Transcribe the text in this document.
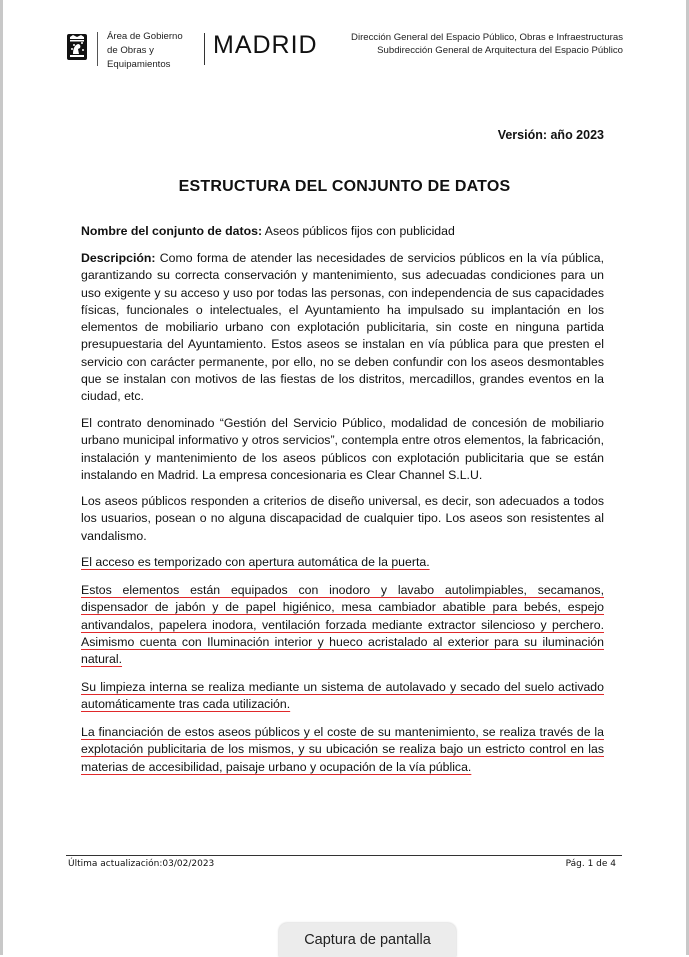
Área de Gobierno
de Obras y
Equipamientos
MADRID	Dirección General del Espacio Público, Obras e Infraestructuras
Subdirección General de Arquitectura del Espacio Público
Versión: año 2023
ESTRUCTURA DEL CONJUNTO DE DATOS
Nombre del conjunto de datos: Aseos públicos fijos con publicidad
Descripción: Como forma de atender las necesidades de servicios públicos en la vía pública, garantizando su correcta conservación y mantenimiento, sus adecuadas condiciones para un uso exigente y su acceso y uso por todas las personas, con independencia de sus capacidades físicas, funcionales o intelectuales, el Ayuntamiento ha impulsado su implantación en los elementos de mobiliario urbano con explotación publicitaria, sin coste en ninguna partida presupuestaria del Ayuntamiento. Estos aseos se instalan en vía pública para que presten el servicio con carácter permanente, por ello, no se deben confundir con los aseos desmontables que se instalan con motivos de las fiestas de los distritos, mercadillos, grandes eventos en la ciudad, etc.
El contrato denominado “Gestión del Servicio Público, modalidad de concesión de mobiliario urbano municipal informativo y otros servicios”, contempla entre otros elementos, la fabricación, instalación y mantenimiento de los aseos públicos con explotación publicitaria que se están instalando en Madrid. La empresa concesionaria es Clear Channel S.L.U.
Los aseos públicos responden a criterios de diseño universal, es decir, son adecuados a todos los usuarios, posean o no alguna discapacidad de cualquier tipo. Los aseos son resistentes al vandalismo.
El acceso es temporizado con apertura automática de la puerta.
Estos elementos están equipados con inodoro y lavabo autolimpiables, secamanos, dispensador de jabón y de papel higiénico, mesa cambiador abatible para bebés, espejo antivandalos, papelera inodora, ventilación forzada mediante extractor silencioso y perchero. Asimismo cuenta con Iluminación interior y hueco acristalado al exterior para su iluminación natural.
Su limpieza interna se realiza mediante un sistema de autolavado y secado del suelo activado automáticamente tras cada utilización.
La financiación de estos aseos públicos y el coste de su mantenimiento, se realiza través de la explotación publicitaria de los mismos, y su ubicación se realiza bajo un estricto control en las materias de accesibilidad, paisaje urbano y ocupación de la vía pública.
Última actualización:03/02/2023	Pág. 1 de 4
Captura de pantalla
